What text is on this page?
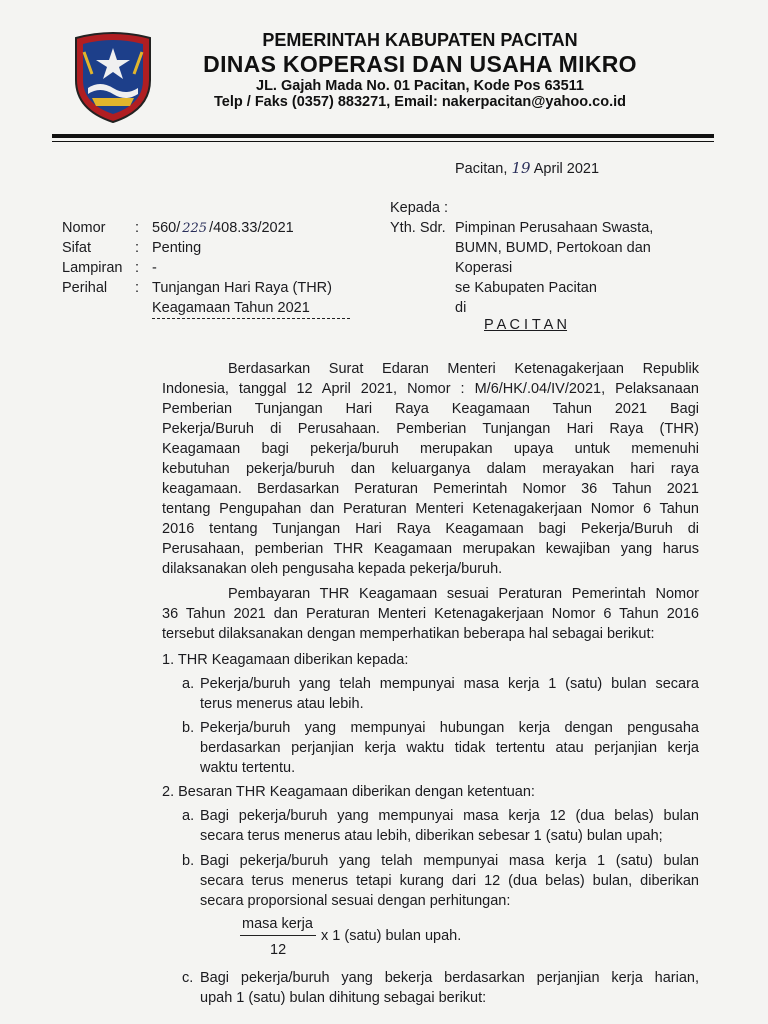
PEMERINTAH KABUPATEN PACITAN
DINAS KOPERASI DAN USAHA MIKRO
JL. Gajah Mada No. 01 Pacitan, Kode Pos 63511
Telp / Faks (0357) 883271, Email: nakerpacitan@yahoo.co.id
Pacitan, 19 April 2021
Kepada :
Yth. Sdr. Pimpinan Perusahaan Swasta,
BUMN, BUMD, Pertokoan dan
Koperasi
se Kabupaten Pacitan
di
P A C I T A N
Nomor : 560/ 225 /408.33/2021
Sifat	: Penting
Lampiran : -
Perihal : Tunjangan Hari Raya (THR)
Keagamaan Tahun 2021
Berdasarkan Surat Edaran Menteri Ketenagakerjaan Republik
Indonesia, tanggal 12 April 2021, Nomor : M/6/HK/.04/IV/2021, Pelaksanaan
Pemberian Tunjangan Hari Raya Keagamaan Tahun 2021 Bagi
Pekerja/Buruh di Perusahaan. Pemberian Tunjangan Hari Raya (THR)
Keagamaan bagi pekerja/buruh merupakan upaya untuk memenuhi
kebutuhan pekerja/buruh dan keluarganya dalam merayakan hari raya
keagamaan. Berdasarkan Peraturan Pemerintah Nomor 36 Tahun 2021
tentang Pengupahan dan Peraturan Menteri Ketenagakerjaan Nomor 6 Tahun
2016 tentang Tunjangan Hari Raya Keagamaan bagi Pekerja/Buruh di
Perusahaan, pemberian THR Keagamaan merupakan kewajiban yang harus
dilaksanakan oleh pengusaha kepada pekerja/buruh.
Pembayaran THR Keagamaan sesuai Peraturan Pemerintah Nomor
36 Tahun 2021 dan Peraturan Menteri Ketenagakerjaan Nomor 6 Tahun 2016
tersebut dilaksanakan dengan memperhatikan beberapa hal sebagai berikut:
1. THR Keagamaan diberikan kepada:
a. Pekerja/buruh yang telah mempunyai masa kerja 1 (satu) bulan secara
terus menerus atau lebih.
b. Pekerja/buruh yang mempunyai hubungan kerja dengan pengusaha
berdasarkan perjanjian kerja waktu tidak tertentu atau perjanjian kerja
waktu tertentu.
2. Besaran THR Keagamaan diberikan dengan ketentuan:
a. Bagi pekerja/buruh yang mempunyai masa kerja 12 (dua belas) bulan
secara terus menerus atau lebih, diberikan sebesar 1 (satu) bulan upah;
b. Bagi pekerja/buruh yang telah mempunyai masa kerja 1 (satu) bulan
secara terus menerus tetapi kurang dari 12 (dua belas) bulan, diberikan
secara proporsional sesuai dengan perhitungan:
masa kerja
12
x 1 (satu) bulan upah.
c. Bagi pekerja/buruh yang bekerja berdasarkan perjanjian kerja harian,
upah 1 (satu) bulan dihitung sebagai berikut:
